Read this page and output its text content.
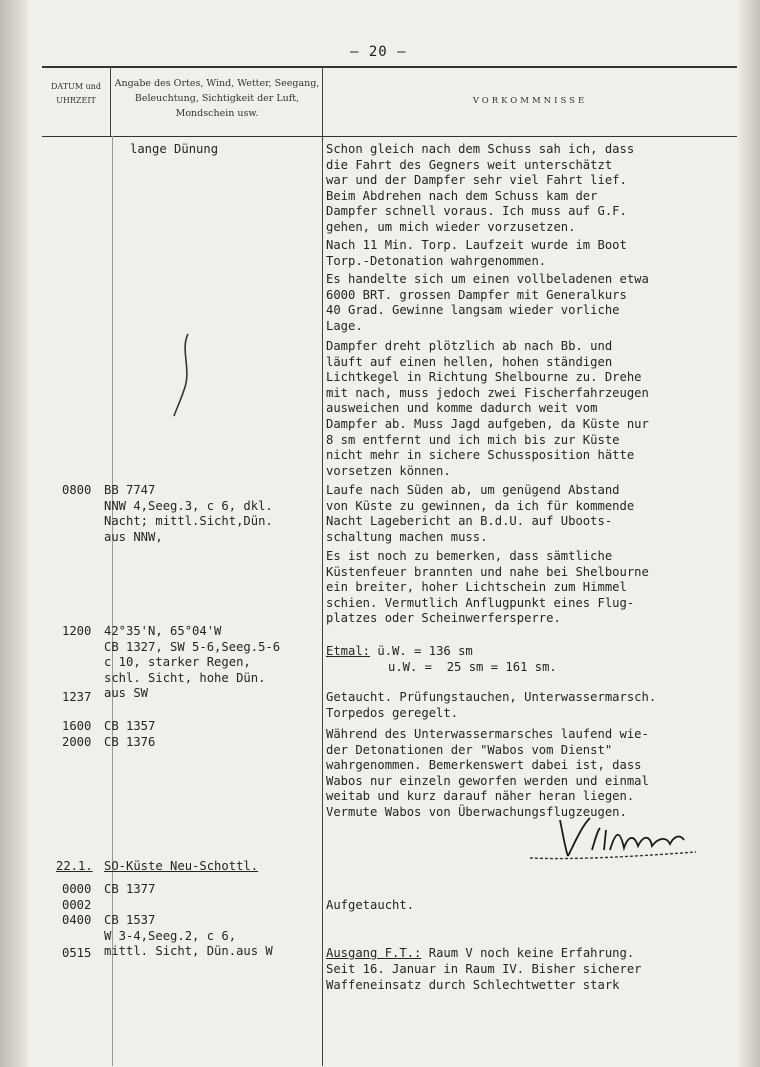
– 20 –
DATUM und UHRZEIT
Angabe des Ortes, Wind, Wetter, Seegang, Beleuchtung, Sichtigkeit der Luft, Mondschein usw.
VORKOMMNISSE
0800
1200
1237
1600
2000
22.1.
0000
0002
0400
0515
lange Dünung
BB 7747
NNW 4,Seeg.3, c 6, dkl.
Nacht; mittl.Sicht,Dün.
aus NNW,
42°35'N, 65°04'W
CB 1327, SW 5-6,Seeg.5-6
c 10, starker Regen,
schl. Sicht, hohe Dün.
aus SW
CB 1357
CB 1376
SO-Küste Neu-Schottl.
CB 1377
CB 1537
W 3-4,Seeg.2, c 6,
mittl. Sicht, Dün.aus W
Schon gleich nach dem Schuss sah ich, dass
die Fahrt des Gegners weit unterschätzt
war und der Dampfer sehr viel Fahrt lief.
Beim Abdrehen nach dem Schuss kam der
Dampfer schnell voraus. Ich muss auf G.F.
gehen, um mich wieder vorzusetzen.
Nach 11 Min. Torp. Laufzeit wurde im Boot
Torp.-Detonation wahrgenommen.
Es handelte sich um einen vollbeladenen etwa
6000 BRT. grossen Dampfer mit Generalkurs
40 Grad. Gewinne langsam wieder vorliche
Lage.
Dampfer dreht plötzlich ab nach Bb. und
läuft auf einen hellen, hohen ständigen
Lichtkegel in Richtung Shelbourne zu. Drehe
mit nach, muss jedoch zwei Fischerfahrzeugen
ausweichen und komme dadurch weit vom
Dampfer ab. Muss Jagd aufgeben, da Küste nur
8 sm entfernt und ich mich bis zur Küste
nicht mehr in sichere Schussposition hätte
vorsetzen können.
Laufe nach Süden ab, um genügend Abstand
von Küste zu gewinnen, da ich für kommende
Nacht Lagebericht an B.d.U. auf Uboots-
schaltung machen muss.
Es ist noch zu bemerken, dass sämtliche
Küstenfeuer brannten und nahe bei Shelbourne
ein breiter, hoher Lichtschein zum Himmel
schien. Vermutlich Anflugpunkt eines Flug-
platzes oder Scheinwerfersperre.
Etmal: ü.W. = 136 sm
u.W. =  25 sm = 161 sm.
Getaucht. Prüfungstauchen, Unterwassermarsch.
Torpedos geregelt.
Während des Unterwassermarsches laufend wie-
der Detonationen der "Wabos vom Dienst"
wahrgenommen. Bemerkenswert dabei ist, dass
Wabos nur einzeln geworfen werden und einmal
weitab und kurz darauf näher heran liegen.
Vermute Wabos von Überwachungsflugzeugen.
Aufgetaucht.
Ausgang F.T.: Raum V noch keine Erfahrung.
Seit 16. Januar in Raum IV. Bisher sicherer
Waffeneinsatz durch Schlechtwetter stark
